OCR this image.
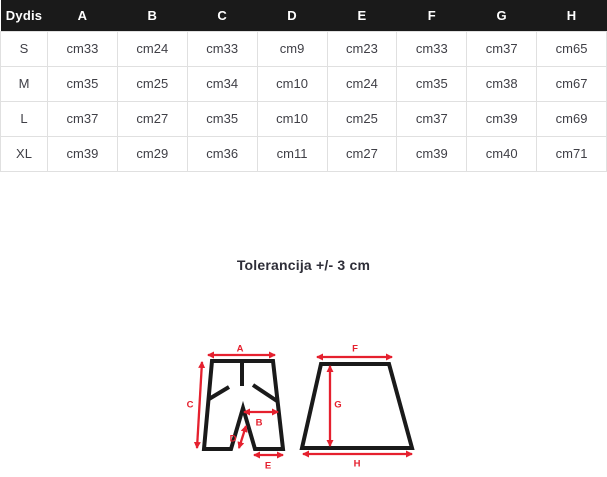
Dydis	A	B	C	D	E	F	G	H
S	cm33	cm24	cm33	cm9	cm23	cm33	cm37	cm65
M	cm35	cm25	cm34	cm10	cm24	cm35	cm38	cm67
L	cm37	cm27	cm35	cm10	cm25	cm37	cm39	cm69
XL	cm39	cm29	cm36	cm11	cm27	cm39	cm40	cm71
Tolerancija +/- 3 cm
A
B
C
D
E
F
G
H
